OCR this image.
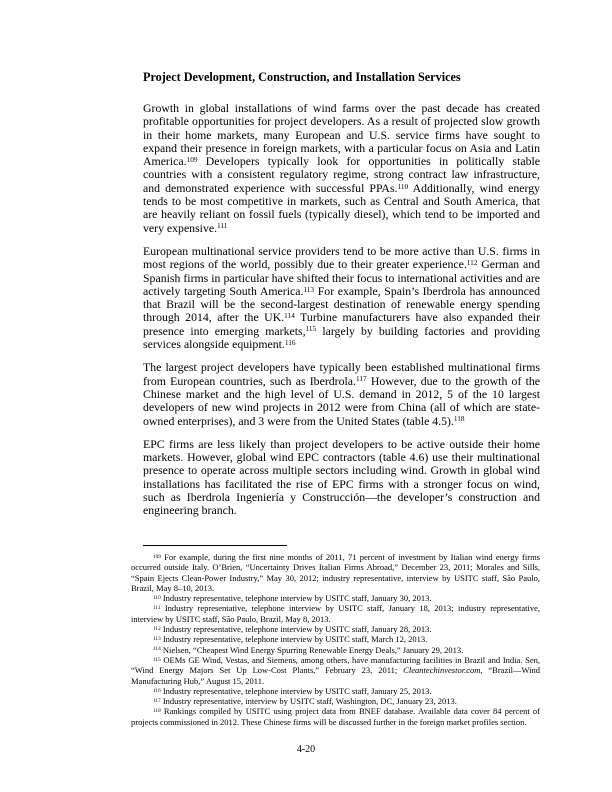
Project Development, Construction, and Installation Services

Growth in global installations of wind farms over the past decade has created profitable opportunities for project developers. As a result of projected slow growth in their home markets, many European and U.S. service firms have sought to expand their presence in foreign markets, with a particular focus on Asia and Latin America.$^{109}$ Developers typically look for opportunities in politically stable countries with a consistent regulatory regime, strong contract law infrastructure, and demonstrated experience with successful PPAs.$^{110}$ Additionally, wind energy tends to be most competitive in markets, such as Central and South America, that are heavily reliant on fossil fuels (typically diesel), which tend to be imported and very expensive.$^{111}$

European multinational service providers tend to be more active than U.S. firms in most regions of the world, possibly due to their greater experience.$^{112}$ German and Spanish firms in particular have shifted their focus to international activities and are actively targeting South America.$^{113}$ For example, Spain’s Iberdrola has announced that Brazil will be the second-largest destination of renewable energy spending through 2014, after the UK.$^{114}$ Turbine manufacturers have also expanded their presence into emerging markets,$^{115}$ largely by building factories and providing services alongside equipment.$^{116}$

The largest project developers have typically been established multinational firms from European countries, such as Iberdrola.$^{117}$ However, due to the growth of the Chinese market and the high level of U.S. demand in 2012, 5 of the 10 largest developers of new wind projects in 2012 were from China (all of which are state-owned enterprises), and 3 were from the United States (table 4.5).$^{118}$

EPC firms are less likely than project developers to be active outside their home markets. However, global wind EPC contractors (table 4.6) use their multinational presence to operate across multiple sectors including wind. Growth in global wind installations has facilitated the rise of EPC firms with a stronger focus on wind, such as Iberdrola Ingeniería y Construcción—the developer’s construction and engineering branch.

$^{109}$ For example, during the first nine months of 2011, 71 percent of investment by Italian wind energy firms occurred outside Italy. O’Brien, “Uncertainty Drives Italian Firms Abroad,” December 23, 2011; Morales and Sills, “Spain Ejects Clean-Power Industry,” May 30, 2012; industry representative, interview by USITC staff, São Paulo, Brazil, May 8–10, 2013.

$^{110}$ Industry representative, telephone interview by USITC staff, January 30, 2013.

$^{111}$ Industry representative, telephone interview by USITC staff, January 18, 2013; industry representative, interview by USITC staff, São Paulo, Brazil, May 8, 2013.

$^{112}$ Industry representative, telephone interview by USITC staff, January 28, 2013.

$^{113}$ Industry representative, telephone interview by USITC staff, March 12, 2013.

$^{114}$ Nielsen, “Cheapest Wind Energy Spurring Renewable Energy Deals,” January 29, 2013.

$^{115}$ OEMs GE Wind, Vestas, and Siemens, among others, have manufacturing facilities in Brazil and India. Sen, “Wind Energy Majors Set Up Low-Cost Plants,” February 23, 2011; Cleantechinvestor.com, “Brazil—Wind Manufacturing Hub,” August 15, 2011.

$^{116}$ Industry representative, telephone interview by USITC staff, January 25, 2013.

$^{117}$ Industry representative, interview by USITC staff, Washington, DC, January 23, 2013.

$^{118}$ Rankings compiled by USITC using project data from BNEF database. Available data cover 84 percent of projects commissioned in 2012. These Chinese firms will be discussed further in the foreign market profiles section.

4-20
